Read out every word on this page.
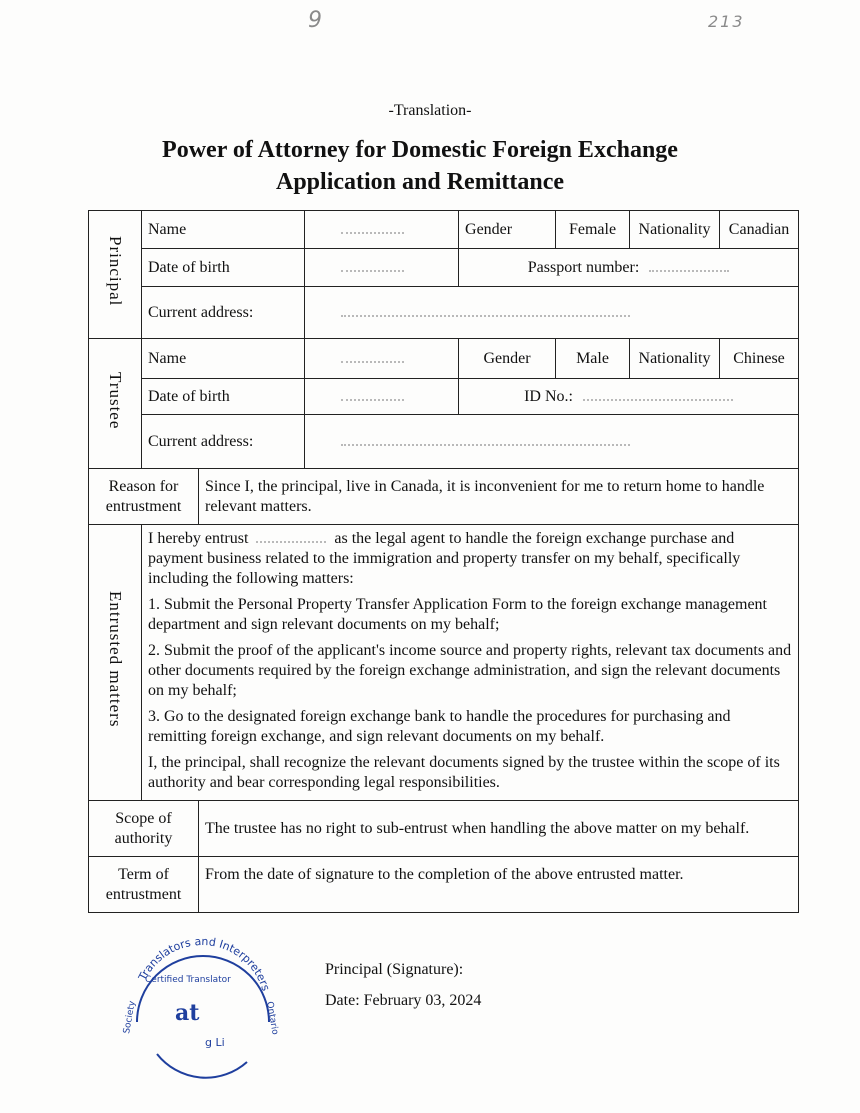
9	213
-Translation-
Power of Attorney for Domestic Foreign Exchange
Application and Remittance
Principal	Name			Gender	Female	Nationality	Canadian
	Date of birth			Passport number:			
	Current address:						
Trustee	Name			Gender	Male	Nationality	Chinese
	Date of birth			ID No.:			
	Current address:						
Reason for entrustment		Since I, the principal, live in Canada, it is inconvenient for me to return home to handle relevant matters.					
Entrusted matters	I hereby entrust as the legal agent to handle the foreign exchange purchase and payment business related to the immigration and property transfer on my behalf, specifically including the following matters:

1. Submit the Personal Property Transfer Application Form to the foreign exchange management department and sign relevant documents on my behalf;

2. Submit the proof of the applicant's income source and property rights, relevant tax documents and other documents required by the foreign exchange administration, and sign the relevant documents on my behalf;

3. Go to the designated foreign exchange bank to handle the procedures for purchasing and remitting foreign exchange, and sign relevant documents on my behalf.

I, the principal, shall recognize the relevant documents signed by the trustee within the scope of its authority and bear corresponding legal responsibilities.						

Scope of authority		The trustee has no right to sub-entrust when handling the above matter on my behalf.					
Term of entrustment		From the date of signature to the completion of the above entrusted matter.					
Translators and Interpreters
Certified Translator
at
g Li
Society	Ontario
Principal (Signature):
Date: February 03, 2024
